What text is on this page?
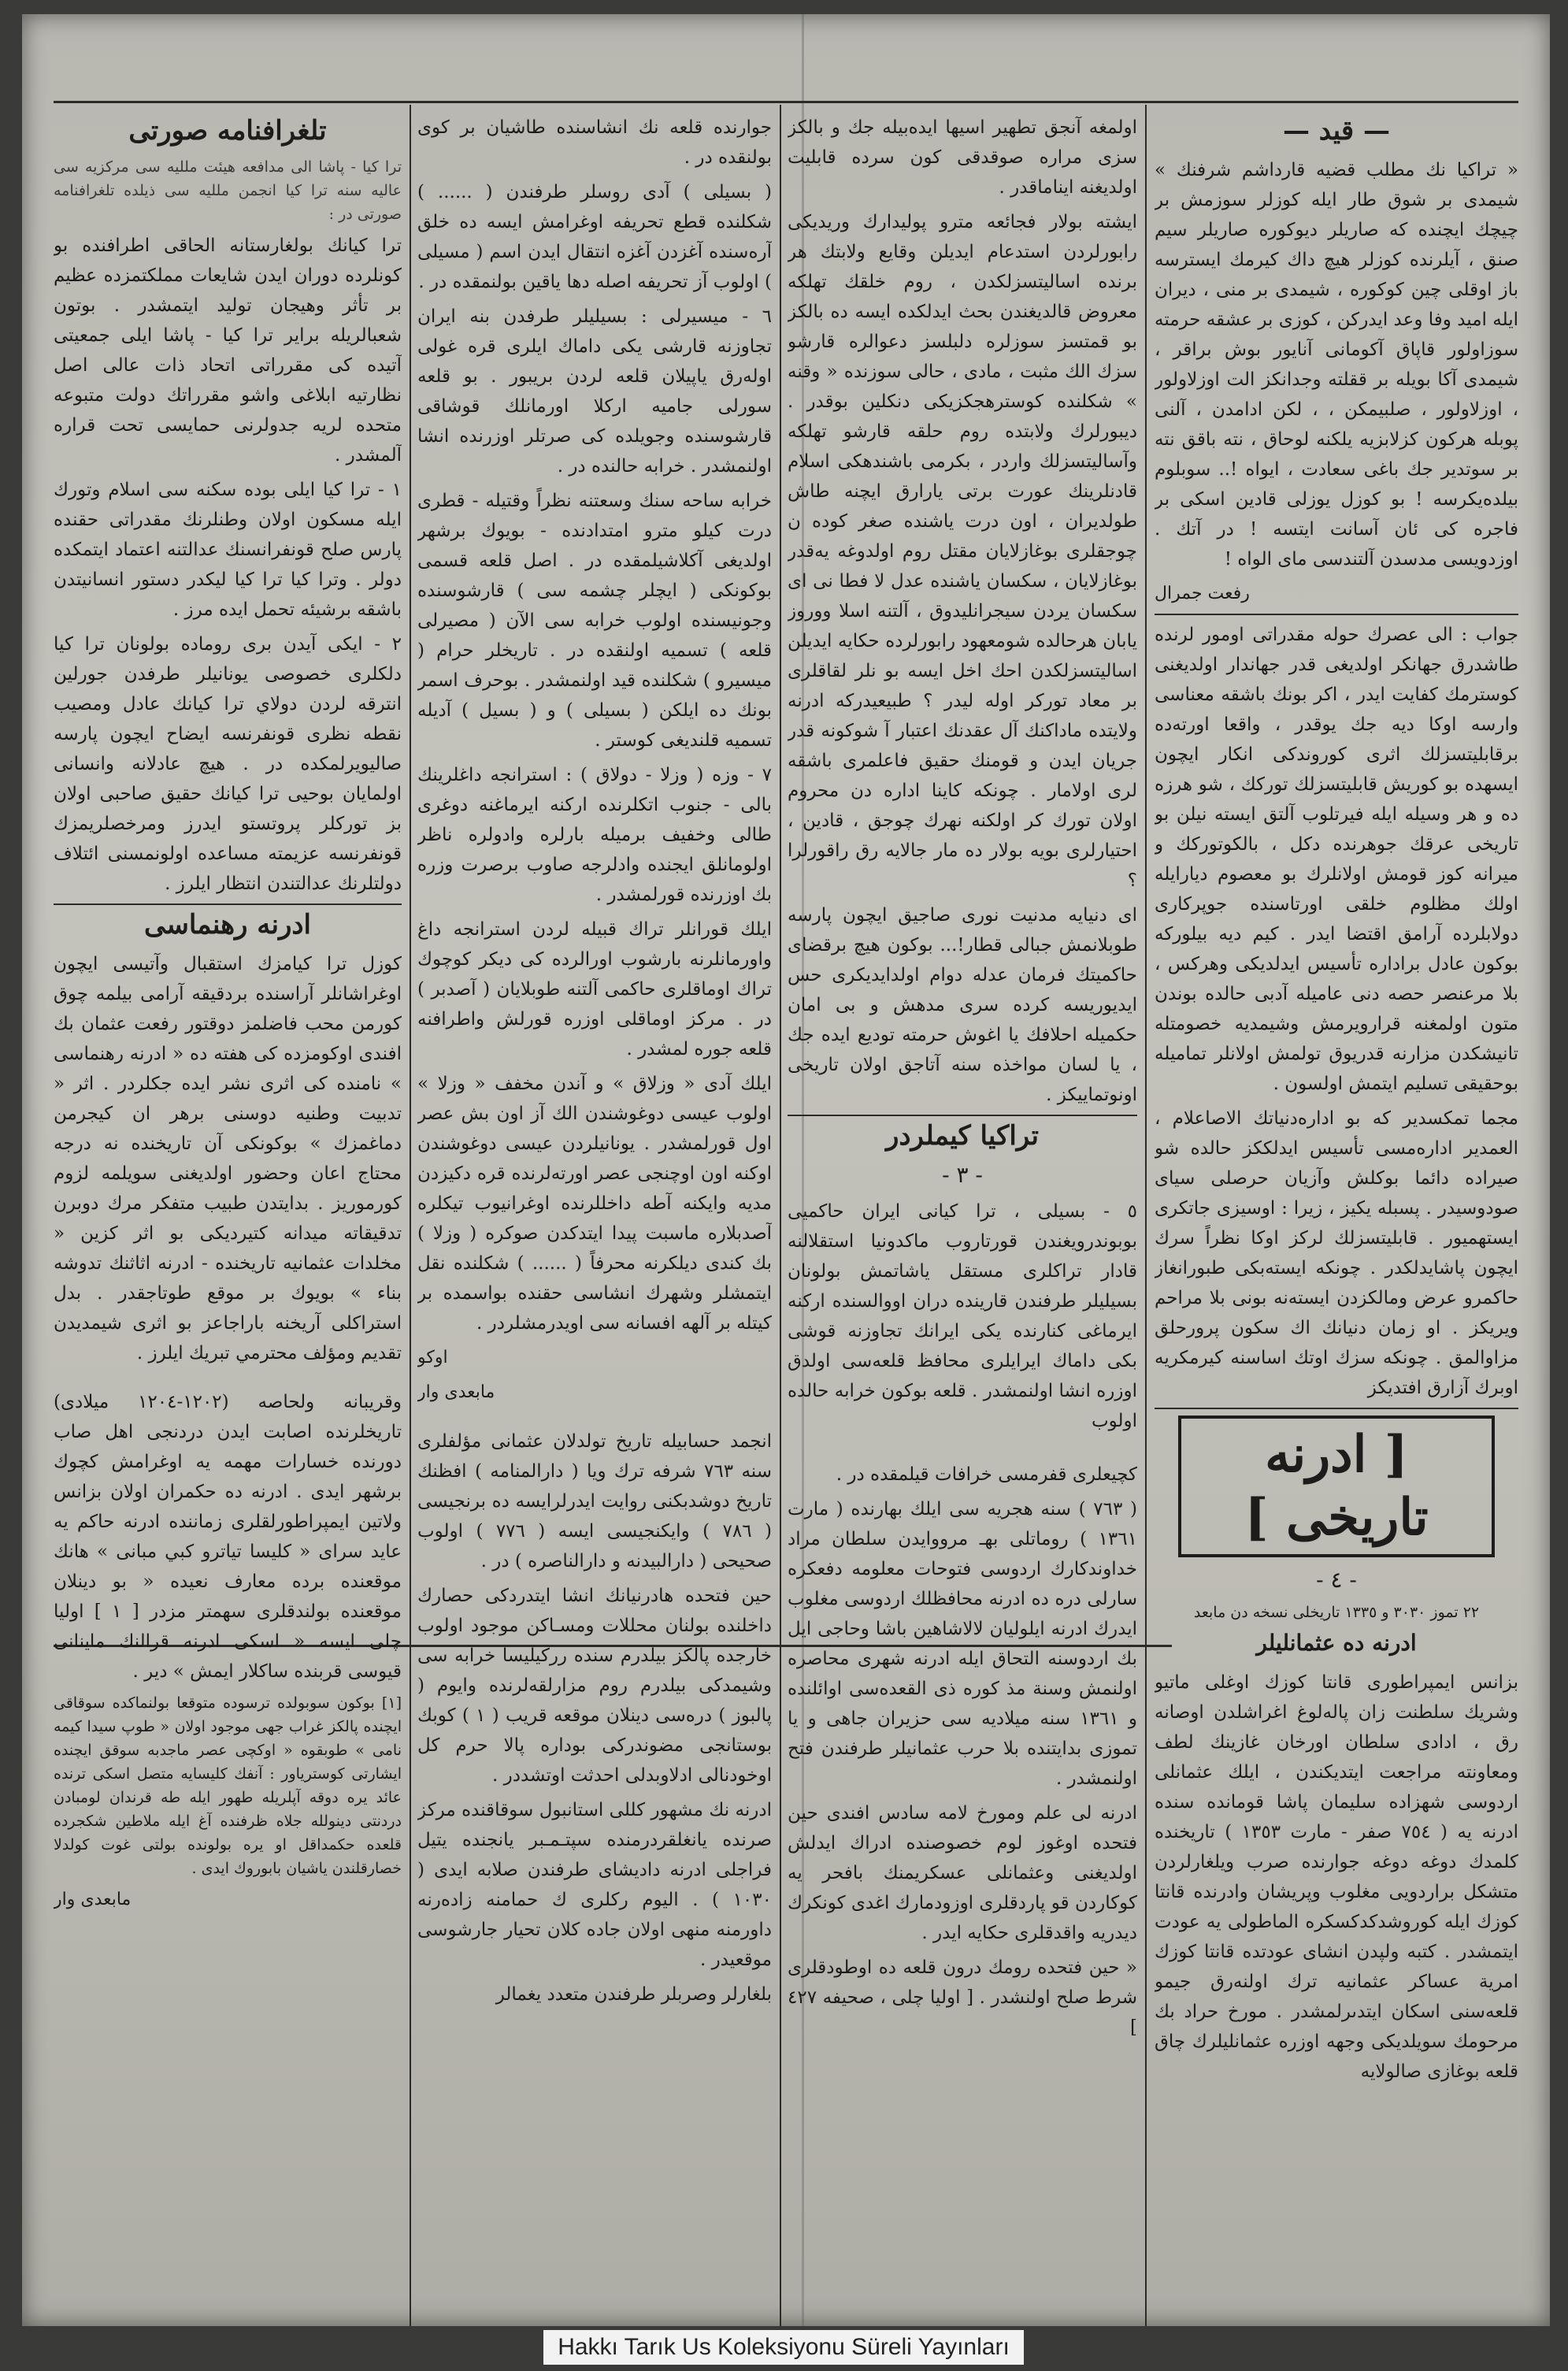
— قيد —

« تراكيا نك مطلب قضيه قارداشم شرفنك » شيمدى بر شوق طار ايله كوزلر سوزمش بر چيچك ايچنده كه صاريلر ديوكوره صاريلر سيم صنق ، آيلرنده كوزلر هيچ داك كيرمك ايسترسه باز اوقلى چين كوكوره ، شيمدى بر منى ، ديران ايله اميد وفا وعد ايدركن ، كوزى بر عشقه حرمته سوزاولور قاپاق آكومانى آنايور بوش براقر ، شيمدى آكا بويله بر ققلته وجدانكز الت اوزلاولور ، اوزلاولور ، صلبيمكن ، ، لكن ادامدن ، آلنى پوبله هركون كزلابزيه يلكنه لوحاق ، نته باقق نته بر سوتدير جك باغى سعادت ، ايواه !.. سوبلوم بيلدەيكرسه ! بو كوزل يوزلى قادين اسكى بر فاجره كى ئان آسانت ايتسه ! در آتك . اوزدويسى مدسدن آلتندسى ماى الواه !

رفعت جمرال

جواب : الى عصرك حوله مقدراتى اومور لرنده طاشدرق جهانكر اولديغى قدر جهاندار اولديغنى كوسترمك كفايت ايدر ، اكر بونك باشقه معناسى وارسه اوكا ديه جك يوقدر ، واقعا اورتەده برقابليتسزلك اثرى كوروندكى انكار ايچون ايسهده بو كوريش قابليتسزلك توركك ، شو هرزه ده و هر وسيله ايله فيرتلوب آلتق ايسته نيلن بو تاريخى عرقك جوهرنده دكل ، بالكوتوركك و ميرانه كوز قومش اولانلرك بو معصوم ديارايله اولك مظلوم خلقى اورتاسنده جوپركارى دولابلرده آرامق اقتضا ايدر . كيم ديه بيلوركه بوكون عادل برادارە تأسيس ايدلديكى وهركس ، بلا مرعنصر حصه دنى عاميله آدبى حالده بوندن متون اولمغنه قرارويرمش وشيمديه خصومتله تانيشكدن مزارنه قدريوق تولمش اولانلر تماميله بوحقيقى تسليم ايتمش اولسون .

مجما تمكسدير كه بو ادارەدنياتك الاصاعلام ، العمدير ادارەمسى تأسيس ايدلككز حالده شو صيراده دائما بوكلش وآزيان حرصلى سياى صودوسيدر . پسبله يكيز ، زيرا : اوسيزى جاتكرى ايستهميور . قابليتسزلك لركز اوكا نظراً سرك ايچون پاشايدلکدر . چونكه ايستەبكى طبورانغاز حاكمرو عرض ومالكزدن ايستەنه بونى بلا مراحم ويريكز . او زمان دنيانك اك سكون پرورحلق مزاوالمق . چونكه سزك اوتك اساسنه كيرمكريه اوبرك آزارق افتديكز

[ ادرنه تاريخى ]
- ٤ -

٢٢ تموز ٣٠٣٠ و ١٣٣٥ تاريخلى نسخه دن مابعد

ادرنه ده عثمانليلر

بزانس ايمپراطورى قانتا كوزك اوغلى ماتيو وشريك سلطنت زان پالەلوغ اغراشلدن اوصانه رق ، ادادى سلطان اورخان غازينك لطف ومعاونته مراجعت ايتديكندن ، ايلك عثمانلى اردوسى شهزاده سليمان پاشا قومانده سنده ادرنه يه ( ٧٥٤ صفر - مارت ١٣٥٣ ) تاريخنده كلمدك دوغه دوغه جوارنده صرب ويلغارلردن متشكل براردويى مغلوب وپريشان وادرنده قانتا كوزك ايله كوروشدكدكسكره الماطولى يه عودت ايتمشدر . كتبه ولپدن انشاى عودتده قانتا كوزك امرية عساكر عثمانيه ترك اولنەرق جيمو قلعەسنى اسكان ايتدىرلمشدر . مورخ حراد بك مرحومك سويلديكى وجهه اوزره عثمانليلرك چاق قلعه بوغازى صالولايه

اولمغه آنجق تطهير اسيها ايدەبيله جك و بالكز سزى مراره صوقدقى كون سرده قابليت اولديغنه ايناماقدر .

ايشته بولار فجائعه مترو پوليدارك وريديكى رابورلردن استدعام ايديلن وقايع ولابتك هر برنده اساليتسزلكدن ، روم خلقك تهلكه معروض قالديغندن بحث ايدلكده ايسه ده بالكز بو قمتسز سوزلره دلبلسز دعوالره قارشو سزك الك مثبت ، مادى ، حالى سوزنده « وقنه » شكلنده كوسترهجكزيكى دنكلين بوقدر . ديبورلرك ولابتده روم حلقه قارشو تهلكه وآساليتسزلك واردر ، بكرمى باشندهكى اسلام قادنلرينك عورت برتى يارارق ايچنه طاش طولديران ، اون درت ياشندە صغر كوده ن چوجقلرى بوغازلايان مقتل روم اولدوغه يەقدر بوغازلايان ، سكسان ياشنده عدل لا فطا نى اى سكسان يردن سيجرانليدوق ، آلتنه اسلا ووروز يابان هرحالده شومعهود رابورلرده حكايه ايديلن اساليتسزلكدن احك اخل ايسه بو نلر لقاقلرى بر معاد توركر اوله ليدر ؟ طبيعيدركه ادرنه ولايتده ماداكنك آل عقدنك اعتبار آ شوكونه قدر جريان ايدن و قومنك حقيق فاعلمرى باشقه لرى اولامار . چونكه كاينا اداره دن محروم اولان تورك كر اولكنه نهرك چوجق ، قادين ، احتيارلرى بويه بولار ده مار جالايه رق راقورلرا ؟

اى دنيايه مدنيت نورى صاجيق ايچون پارسه طوبلانمش جبالى قطار!... بوكون هيچ برقضاى حاكميتك فرمان عدله دوام اولدايديكرى حس ايديوريسه كرده سرى مدهش و بى امان حكميله احلافك يا اغوش حرمته توديع ايده جك ، يا لسان مواخذه سنه آتاجق اولان تاريخى اونوتماييكز .

تراكيا كيملردر
- ٣ -

٥ - بسيلى ، ترا كيانى ايران حاكميى بوبوندرويغندن قورتاروب ماكدونيا استقلالنه قادار تراكلرى مستقل ياشاتمش بولونان بسيليلر طرفندن قارينده دران اووالسنده اركنه ايرماغى كنارنده يكى ايرانك تجاوزنه قوشى بكى داماك ايرايلرى محافظ قلعەسى اولدق اوزره انشا اولنمشدر . قلعه بوكون خرابه حالده اولوب

كچيعلرى قفرمسى خرافات قيلمقده در .

( ٧٦٣ ) سنه هجريه سى ايلك بهارنده ( مارت ١٣٦١ ) روماتلى بهـ مرووايدن سلطان مراد خداوندكارك اردوسى فتوحات معلومه دفعكره سارلى دره ده ادرنه محافظلك اردوسى مغلوب ايدرك ادرنه ايلوليان لالاشاهين باشا وحاجى ايل بك اردوسنه التحاق ايله ادرنه شهرى محاصره اولنمش وسنة مذ كوره ذى القعدەسى اوائلنده و ١٣٦١ سنه ميلاديه سى حزيران جاهى و يا تموزى بدايتنده بلا حرب عثمانيلر طرفندن فتح اولنمشدر .

ادرنه لى علم ومورخ لامه سادس افندى حين فتحده اوغوز لوم خصوصنده ادراك ايدلش اولديغنى وعثمانلى عسكريمنك بافحر يه كوكاردن قو پاردقلرى اوزودمارك اغدى كونكرك ديدريه واقدقلرى حكايه ايدر .

« حين فتحده رومك درون قلعه ده اوطودقلرى شرط صلح اولنشدر . [ اوليا چلى ، صحيفه ٤٢٧ ]

جوارنده قلعه نك انشاسنده طاشيان بر كوى بولنقده در .

( بسيلى ) آدى روسلر طرفندن ( ...... ) شكلنده قطع تحريفه اوغرامش ايسه ده خلق آرەسنده آغزدن آغزه انتقال ايدن اسم ( مسيلى ) اولوب آز تحريفه اصله دها ياقين بولنمقده در .

٦ - ميسيرلى : بسيليلر طرفدن بنه ايران تجاوزنه قارشى يكى داماك ايلرى قره غولى اولەرق ياپيلان قلعه لردن بريبور . بو قلعه سورلى جاميه اركلا اورمانلك قوشاقى قارشوسنده وجويلده كى صرتلر اوزرنده انشا اولنمشدر . خرابه حالنده در .

خرابه ساحه سنك وسعتنه نظراً وقتيله - قطرى درت كيلو مترو امتدادنده - بويوك برشهر اولديغى آكلاشيلمقده در . اصل قلعه قسمى بوكونكى ( ايچلر چشمه سى ) قارشوسنده وجونيسنده اولوب خرابه سى الآن ( مصيرلى قلعه ) تسميه اولنقده در . تاريخلر حرام ( ميسيرو ) شكلنده قيد اولنمشدر . بوحرف اسمر بونك ده ايلكن ( بسيلى ) و ( بسيل ) آديله تسميه قلنديغى كوستر .

٧ - وزه ( وزلا - دولاق ) : استرانجه داغلرينك بالى - جنوب اتكلرنده اركنه ايرماغنه دوغرى طالى وخفيف برميله بارلره وادولره ناظر اولومانلق ايجنده وادلرجه صاوب برصرت وزره بك اوزرنده قورلمشدر .

ايلك قورانلر تراك قبيله لردن استرانجه داغ واورمانلرنه بارشوب اورالرده كى ديكر كوچوك تراك اوماقلرى حاكمى آلتنه طوبلايان ( آصدبر ) در . مركز اوماقلى اوزره قورلش واطرافنه قلعه جوره لمشدر .

ايلك آدى « وزلاق » و آندن مخفف « وزلا » اولوب عيسى دوغوشندن الك آز اون بش عصر اول قورلمشدر . يونانيلردن عيسى دوغوشندن اوكنه اون اوچنجى عصر اورتەلرنده قره دكيزدن مديه وايكنه آطه داخللرنده اوغرانيوب تيكلره آصدبلاره ماسبت پيدا ايتدكدن صوكره ( وزلا ) بك كندى ديلكرنه محرفاً ( ...... ) شكلنده نقل ايتمشلر وشهرك انشاسى حقنده بواسمده بر كيتله بر آلهه افسانه سى اويدرمشلردر .

اوكو

مابعدى وار

انجمد حسابيله تاريخ تولدلان عثمانى مؤلفلرى سنه ٧٦٣ شرفه ترك ويا ( دارالمنامه ) افظنك تاريخ دوشدبكنى روايت ايدرلرايسه ده برنجيسى ( ٧٨٦ ) وايكنجيسى ايسه ( ٧٧٦ ) اولوب صحيحى ( دارالبيدنه و دارالناصره ) در .

حين فتحده هادرنيانك انشا ايتدردكى حصارك داخلنده بولنان محللات ومسـاكن موجود اولوب خارجده پالكز بيلدرم سنده رركيليسا خرابه سى وشيمدكى بيلدرم روم مزارلقەلرنده وايوم ( پالبوز ) درەسى دينلان موقعه قريب ( ١ ) كوبك بوستانجى مضوندركى بوداره پالا حرم كل اوخودنالى ادلاوبدلى احدثت اوتشددر .

ادرنه نك مشهور كللى استانبول سوقاقنده مركز صرنده يانغلقردرمنده سپتـمـبر يانجنده يتيل فراجلى ادرنه داديشاى طرفندن صلابه ايدى ( ١٠٣٠ ) . اليوم ركلرى ك حمامنه زادەرنه داورمنه منهى اولان جاده كلان تحيار جارشوسى موقعيدر .

بلغارلر وصربلر طرفندن متعدد يغمالر

تلغرافنامه صورتی

ترا كيا - پاشا الى مدافعه هيئت ملليه سى مركزيه سى عاليه سنه ترا كيا انجمن ملليه سى ذيلده تلغرافنامه صورتى در :

ترا كيانك بولغارستانه الحاقى اطرافنده بو كونلرده دوران ايدن شايعات مملكتمزده عظيم بر تأثر وهيجان تولید ايتمشدر . بوتون شعبالريله براير ترا كيا - پاشا ايلى جمعيتى آتيده كى مقرراتى اتحاد ذات عالى اصل نظارتيه ابلاغى واشو مقرراتك دولت متبوعه متحده لريه جدولرنى حمايسى تحت قراره آلمشدر .

١ - ترا كيا ايلى بوده سكنه سى اسلام وتورك ايله مسكون اولان وطنلرنك مقدراتى حقنده پارس صلح قونفرانسنك عدالتنه اعتماد ايتمكده دولر . وترا كيا ترا كيا ليكدر دستور انسانيتدن باشقه برشيئه تحمل ايده مرز .

٢ - ايكى آيدن برى روماده بولونان ترا كيا دلكلرى خصوصى يونانيلر طرفدن جورلين انترقه لردن دولاي ترا كيانك عادل ومصيب نقطه نظرى قونفرنسه ايضاح ايچون پارسه صاليويرلمكده در . هيچ عادلانه وانسانى اولمايان بوحيى ترا كيانك حقيق صاحبى اولان بز توركلر پروتستو ايدرز ومرخصلريمزك قونفرنسه عزيمته مساعده اولونمسنى ائتلاف دولتلرنك عدالتندن انتظار ايلرز .

ادرنه رهنماسى

كوزل ترا كيامزك استقبال وآتيسى ايچون اوغراشانلر آراسنده بردقيقه آرامى بيلمه چوق كورمن محب فاضلمز دوقتور رفعت عثمان بك افندى اوكومزده كى هفته ده « ادرنه رهنماسى » نامنده كى اثرى نشر ايده جكلردر . اثر « تدبيت وطنيه دوسنى برهر ان كيجرمن دماغمزك » بوكونكى آن تاريخنده نه درجه محتاج اعان وحضور اولديغنى سويلمه لزوم كورموريز . بدايتدن طبيب متفكر مرك دوبرن تدقيقاته ميدانه كتيرديكى بو اثر كزين « مخلدات عثمانيه تاريخنده - ادرنه اثاثنك تدوشه بناء » بويوك بر موقع طوتاجقدر . بدل استراكلى آريخنه باراجاعز بو اثرى شيمديدن تقديم ومؤلف محترمي تبريك ايلرز .

وقريبانه ولحاصه (١٢٠٢-١٢٠٤ ميلادى) تاريخلرنده اصابت ايدن دردنجى اهل صاب دورنده خسارات مهمه يه اوغرامش كچوك برشهر ايدى . ادرنه ده حكمران اولان بزانس ولاتين ايمپراطورلقلرى زماننده ادرنه حاكم يه عايد سراى « كليسا تياترو كبي مبانى » هانك موقعنده برده معارف نعيده « بو دينلان موقعنده بولندقلرى سهمتر مزدر [ ١ ] اوليا چلى ايسه « اسكى ادرنه قرالنك ماينانى قيوسى قربنده ساكلار ايمش » دير .

[١] بوكون سوبولده ترسوده متوقعا بولنماكده سوقاقى ايچنده پالكز غراب جهى موجود اولان « طوپ سيدا كيمه نامى » طوبقوه « اوكچى عصر ماجدبه سوقق ايچنده ايشارتى كوسترياور : آنفك كليسايه متصل اسكى ترنده عائد يره دوقه آپلريله طهور ايله طه قرندان لومبادن دردنتى دينولله جلاه ظرفنده آغ ايله ملاطين شكجرده قلعده حكمداقل او يره بولونده بولتى غوت كولدلا خصارقلندن ياشيان بابوروك ايدى .

مابعدى وار

Hakkı Tarık Us Koleksiyonu Süreli Yayınları
